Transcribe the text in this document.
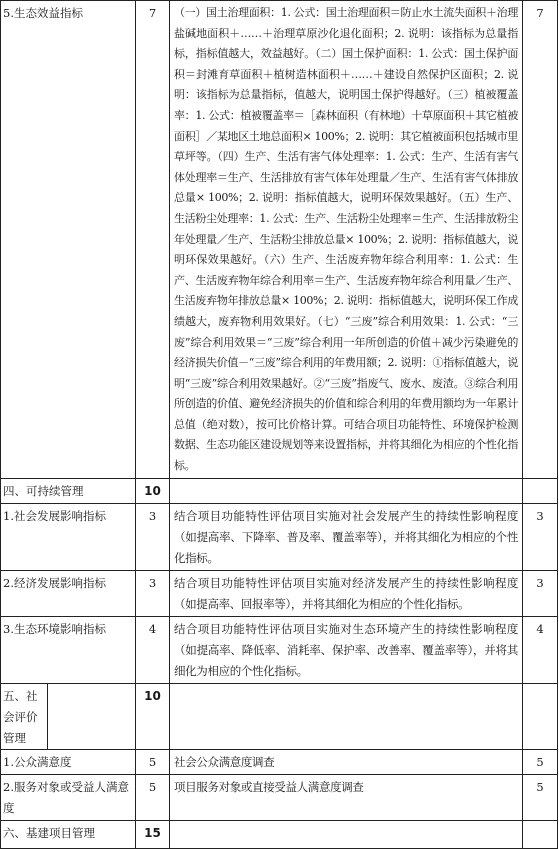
5.生态效益指标	7	（一）国土治理面积：1. 公式：国土治理面积＝防止水土流失面积＋治理盐碱地面积＋……＋治理草原沙化退化面积；2. 说明：该指标为总量指标，指标值越大，效益越好。（二）国土保护面积：1. 公式：国土保护面积＝封滩育草面积＋植树造林面积＋……＋建设自然保护区面积；2. 说明：该指标为总量指标，值越大，说明国土保护得越好。（三）植被覆盖率：1. 公式：植被覆盖率＝［森林面积（有林地）十草原面积＋其它植被面积］／某地区土地总面积× 100%；2. 说明：其它植被面积包括城市里草坪等。（四）生产、生活有害气体处理率：1. 公式：生产、生活有害气体处理率＝生产、生活排放有害气体年处理量／生产、生活有害气体排放总量× 100%；2. 说明：指标值越大，说明环保效果越好。（五）生产、生活粉尘处理率：1. 公式：生产、生活粉尘处理率＝生产、生活排放粉尘年处理量／生产、生活粉尘排放总量× 100%；2. 说明：指标值越大，说明环保效果越好。（六）生产、生活废弃物年综合利用率：1. 公式：生产、生活废弃物年综合利用率＝生产、生活废弃物年综合利用量／生产、生活废弃物年排放总量× 100%；2. 说明：指标值越大，说明环保工作成绩越大，废弃物利用效果好。（七）“三废”综合利用效果：1. 公式：“三废”综合利用效果＝“三废”综合利用一年所创造的价值＋减少污染避免的经济损失价值－“三废”综合利用的年费用额；2. 说明：①指标值越大，说明“三废”综合利用效果越好。②“三废”指废气、废水、废渣。③综合利用所创造的价值、避免经济损失的价值和综合利用的年费用额均为一年累计总值（绝对数），按可比价格计算。可结合项目功能特性、环境保护检测数据、生态功能区建设规划等来设置指标，并将其细化为相应的个性化指标。	7
四、可持续管理	10		
1.社会发展影响指标	3	结合项目功能特性评估项目实施对社会发展产生的持续性影响程度（如提高率、下降率、普及率、覆盖率等），并将其细化为相应的个性化指标。	3
2.经济发展影响指标	3	结合项目功能特性评估项目实施对经济发展产生的持续性影响程度（如提高率、回报率等），并将其细化为相应的个性化指标。	3
3.生态环境影响指标	4	结合项目功能特性评估项目实施对生态环境产生的持续性影响程度（如提高率、降低率、消耗率、保护率、改善率、覆盖率等），并将其细化为相应的个性化指标。	4

五、社会评价管理	10		
1.公众满意度	5	社会公众满意度调查	5
2.服务对象或受益人满意度	5	项目服务对象或直接受益人满意度调查	5
六、基建项目管理	15		
